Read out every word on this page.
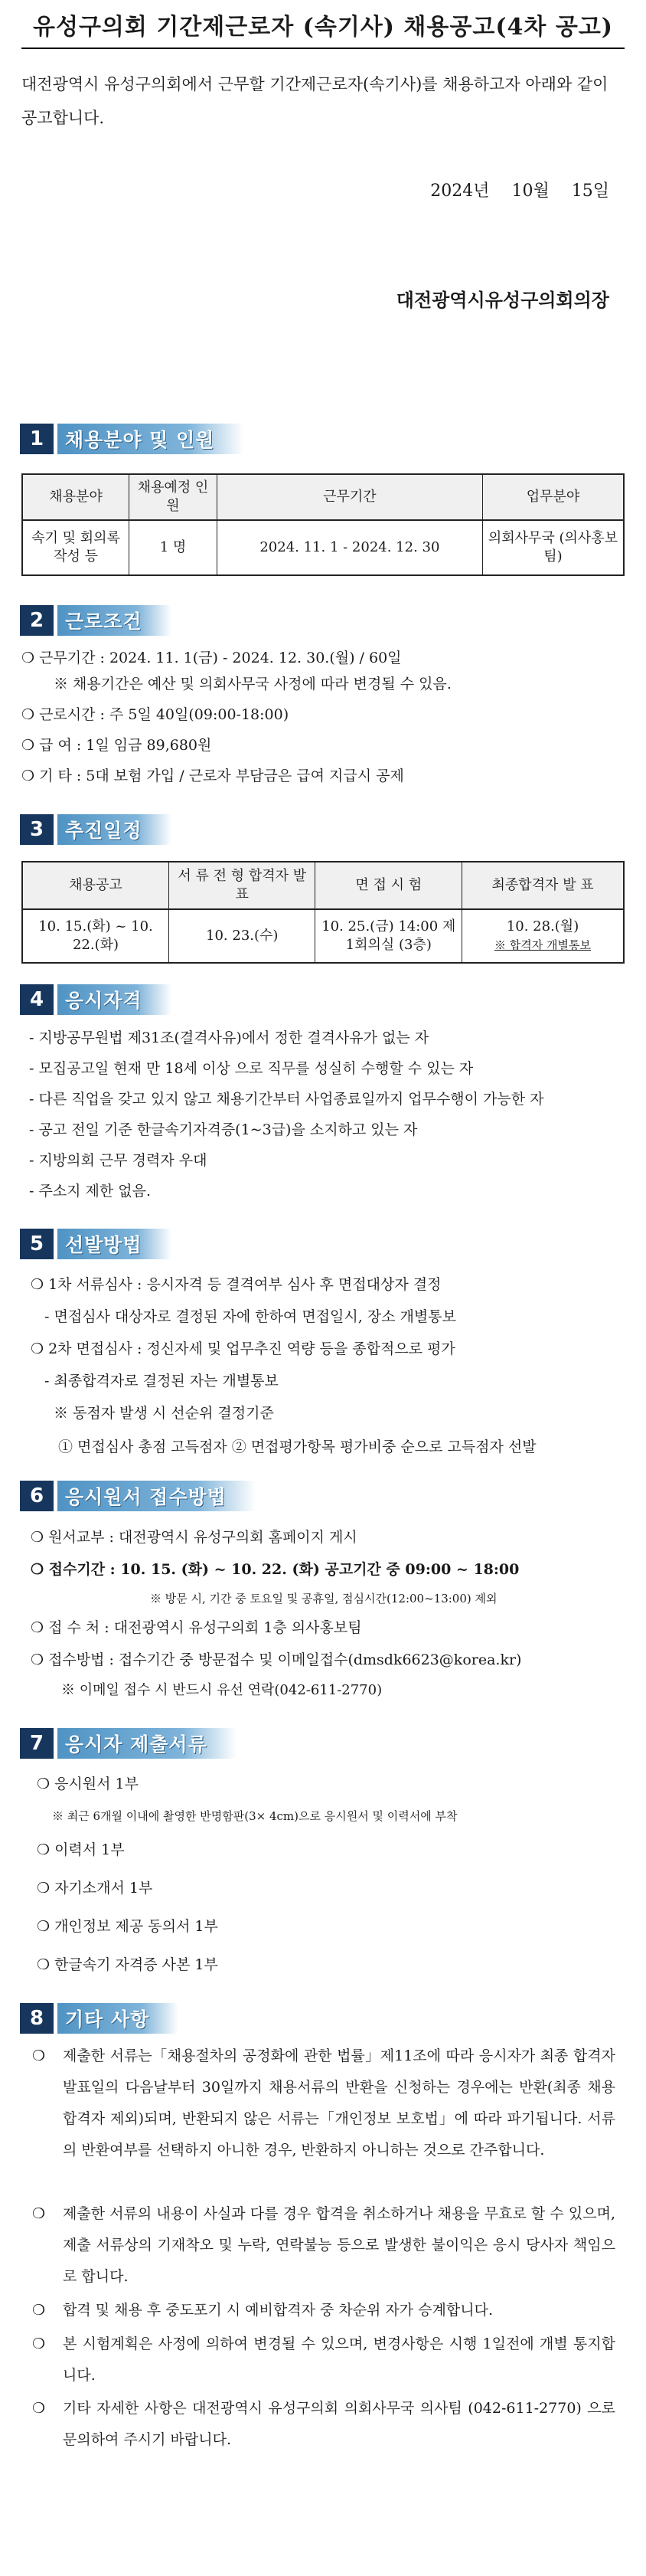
유성구의회 기간제근로자 (속기사) 채용공고(4차 공고)
대전광역시 유성구의회에서 근무할 기간제근로자(속기사)를 채용하고자 아래와 같이 공고합니다.
2024년 10월 15일
대전광역시유성구의회의장
1	채용분야 및 인원
채용분야	채용예정 인 원	근무기간	업무분야
속기 및 회의록작성 등	1 명	2024. 11. 1 - 2024. 12. 30	의회사무국 (의사홍보팀)
2	근로조건
❍ 근무기간 : 2024. 11. 1(금) - 2024. 12. 30.(월) / 60일
※ 채용기간은 예산 및 의회사무국 사정에 따라 변경될 수 있음.
❍ 근로시간 : 주 5일 40일(09:00-18:00)
❍ 급 여 : 1일 임금 89,680원
❍ 기 타 : 5대 보험 가입 / 근로자 부담금은 급여 지급시 공제
3	추진일정
채용공고	서 류 전 형 합격자 발표	면 접 시 험	최종합격자 발 표
10. 15.(화) ~ 10. 22.(화)	10. 23.(수)	10. 25.(금) 14:00 제1회의실 (3층)	10. 28.(월)
※ 합격자 개별통보
4	응시자격
- 지방공무원법 제31조(결격사유)에서 정한 결격사유가 없는 자
- 모집공고일 현재 만 18세 이상 으로 직무를 성실히 수행할 수 있는 자
- 다른 직업을 갖고 있지 않고 채용기간부터 사업종료일까지 업무수행이 가능한 자
- 공고 전일 기준 한글속기자격증(1~3급)을 소지하고 있는 자
- 지방의회 근무 경력자 우대
- 주소지 제한 없음.
5	선발방법
❍ 1차 서류심사 : 응시자격 등 결격여부 심사 후 면접대상자 결정
- 면접심사 대상자로 결정된 자에 한하여 면접일시, 장소 개별통보
❍ 2차 면접심사 : 정신자세 및 업무추진 역량 등을 종합적으로 평가
- 최종합격자로 결정된 자는 개별통보
※ 동점자 발생 시 선순위 결정기준
① 면접심사 총점 고득점자 ② 면접평가항목 평가비중 순으로 고득점자 선발
6	응시원서 접수방법
❍ 원서교부 : 대전광역시 유성구의회 홈페이지 게시
❍ 접수기간 : 10. 15. (화) ~ 10. 22. (화) 공고기간 중 09:00 ~ 18:00
※ 방문 시, 기간 중 토요일 및 공휴일, 점심시간(12:00~13:00) 제외
❍ 접 수 처 : 대전광역시 유성구의회 1층 의사홍보팀
❍ 접수방법 : 접수기간 중 방문접수 및 이메일접수(dmsdk6623@korea.kr)
※ 이메일 접수 시 반드시 유선 연락(042-611-2770)
7	응시자 제출서류
❍ 응시원서 1부
※ 최근 6개월 이내에 촬영한 반명함판(3× 4cm)으로 응시원서 및 이력서에 부착
❍ 이력서 1부
❍ 자기소개서 1부
❍ 개인정보 제공 동의서 1부
❍ 한글속기 자격증 사본 1부
8	기타 사항
❍	제출한 서류는「채용절차의 공정화에 관한 법률」제11조에 따라 응시자가 최종 합격자 발표일의 다음날부터 30일까지 채용서류의 반환을 신청하는 경우에는 반환(최종 채용 합격자 제외)되며, 반환되지 않은 서류는「개인정보 보호법」에 따라 파기됩니다. 서류의 반환여부를 선택하지 아니한 경우, 반환하지 아니하는 것으로 간주합니다.
❍	제출한 서류의 내용이 사실과 다를 경우 합격을 취소하거나 채용을 무효로 할 수 있으며, 제출 서류상의 기재착오 및 누락, 연락불능 등으로 발생한 불이익은 응시 당사자 책임으로 합니다.
❍	합격 및 채용 후 중도포기 시 예비합격자 중 차순위 자가 승계합니다.
❍	본 시험계획은 사정에 의하여 변경될 수 있으며, 변경사항은 시행 1일전에 개별 통지합니다.
❍	기타 자세한 사항은 대전광역시 유성구의회 의회사무국 의사팀 (042-611-2770) 으로 문의하여 주시기 바랍니다.
